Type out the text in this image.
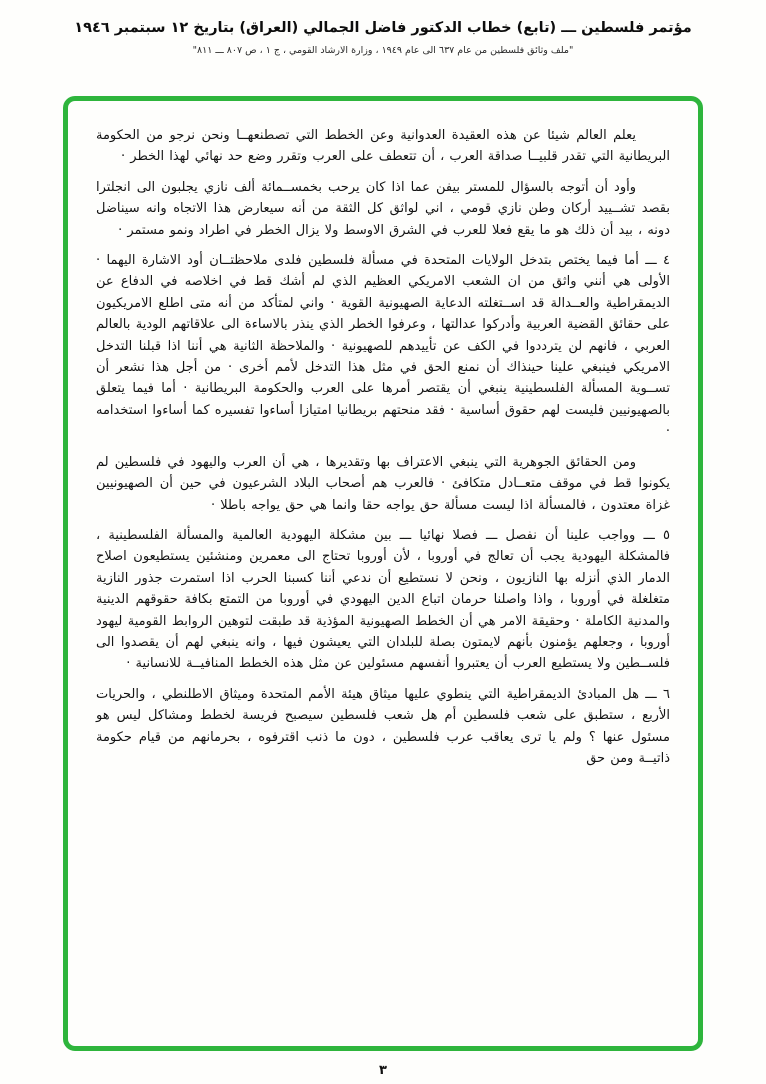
مؤتمر فلسطين ـــ (تابع) خطاب الدكتور فاضل الجمالي (العراق) بتاريخ ١٢ سبتمبر ١٩٤٦
"ملف وثائق فلسطين من عام ٦٣٧ الى عام ١٩٤٩ ، وزارة الارشاد القومي ، ج ١ ، ص ٨٠٧ ـــ ٨١١"

يعلم العالم شيئا عن هذه العقيدة العدوانية وعن الخطط التي تصطنعهــا ونحن نرجو من الحكومة البريطانية التي تقدر قلبيــا صداقة العرب ، أن تتعطف على العرب وتقرر وضع حد نهائي لهذا الخطر ·

وأود أن أتوجه بالسؤال للمستر بيفن عما اذا كان يرحب بخمســمائة ألف نازي يجلبون الى انجلترا بقصد تشــييد أركان وطن نازي قومي ، اني لواثق كل الثقة من أنه سيعارض هذا الاتجاه وانه سيناضل دونه ، بيد أن ذلك هو ما يقع فعلا للعرب في الشرق الاوسط ولا يزال الخطر في اطراد ونمو مستمر ·

٤ ـــ أما فيما يختص بتدخل الولايات المتحدة في مسألة فلسطين فلدى ملاحظتــان أود الاشارة اليهما · الأولى هي أنني واثق من ان الشعب الامريكي العظيم الذي لم أشك قط في اخلاصه في الدفاع عن الديمقراطية والعــدالة قد اســتغلته الدعاية الصهيونية القوية · واني لمتأكد من أنه متى اطلع الامريكيون على حقائق القضية العربية وأدركوا عدالتها ، وعرفوا الخطر الذي ينذر بالاساءة الى علاقاتهم الودية بالعالم العربي ، فانهم لن يترددوا في الكف عن تأييدهم للصهيونية · والملاحظة الثانية هي أننا اذا قبلنا التدخل الامريكي فينبغي علينا حينذاك أن نمنع الحق في مثل هذا التدخل لأمم أخرى · من أجل هذا نشعر أن تســوية المسألة الفلسطينية ينبغي أن يقتصر أمرها على العرب والحكومة البريطانية · أما فيما يتعلق بالصهيونيين فليست لهم حقوق أساسية · فقد منحتهم بريطانيا امتيازا أساءوا تفسيره كما أساءوا استخدامه ·

ومن الحقائق الجوهرية التي ينبغي الاعتراف بها وتقديرها ، هي أن العرب واليهود في فلسطين لم يكونوا قط في موقف متعــادل متكافئ · فالعرب هم أصحاب البلاد الشرعيون في حين أن الصهيونيين غزاة معتدون ، فالمسألة اذا ليست مسألة حق يواجه حقا وانما هي حق يواجه باطلا ·

٥ ـــ وواجب علينا أن نفصل ـــ فصلا نهائيا ـــ بين مشكلة اليهودية العالمية والمسألة الفلسطينية ، فالمشكلة اليهودية يجب أن تعالج في أوروبا ، لأن أوروبا تحتاج الى معمرين ومنشئين يستطيعون اصلاح الدمار الذي أنزله بها النازيون ، ونحن لا نستطيع أن ندعي أننا كسبنا الحرب اذا استمرت جذور النازية متغلغلة في أوروبا ، واذا واصلنا حرمان اتباع الدين اليهودي في أوروبا من التمتع بكافة حقوقهم الدينية والمدنية الكاملة · وحقيقة الامر هي أن الخطط الصهيونية المؤذية قد طبقت لتوهين الروابط القومية ليهود أوروبا ، وجعلهم يؤمنون بأنهم لايمتون بصلة للبلدان التي يعيشون فيها ، وانه ينبغي لهم أن يقصدوا الى فلســطين ولا يستطيع العرب أن يعتبروا أنفسهم مسئولين عن مثل هذه الخطط المنافيــة للانسانية ·

٦ ـــ هل المبادئ الديمقراطية التي ينطوي عليها ميثاق هيئة الأمم المتحدة وميثاق الاطلنطي ، والحريات الأربع ، ستطبق على شعب فلسطين أم هل شعب فلسطين سيصبح فريسة لخطط ومشاكل ليس هو مسئول عنها ؟ ولم يا ترى يعاقب عرب فلسطين ، دون ما ذنب اقترفوه ، بحرمانهم من قيام حكومة ذاتيــة ومن حق

٣
